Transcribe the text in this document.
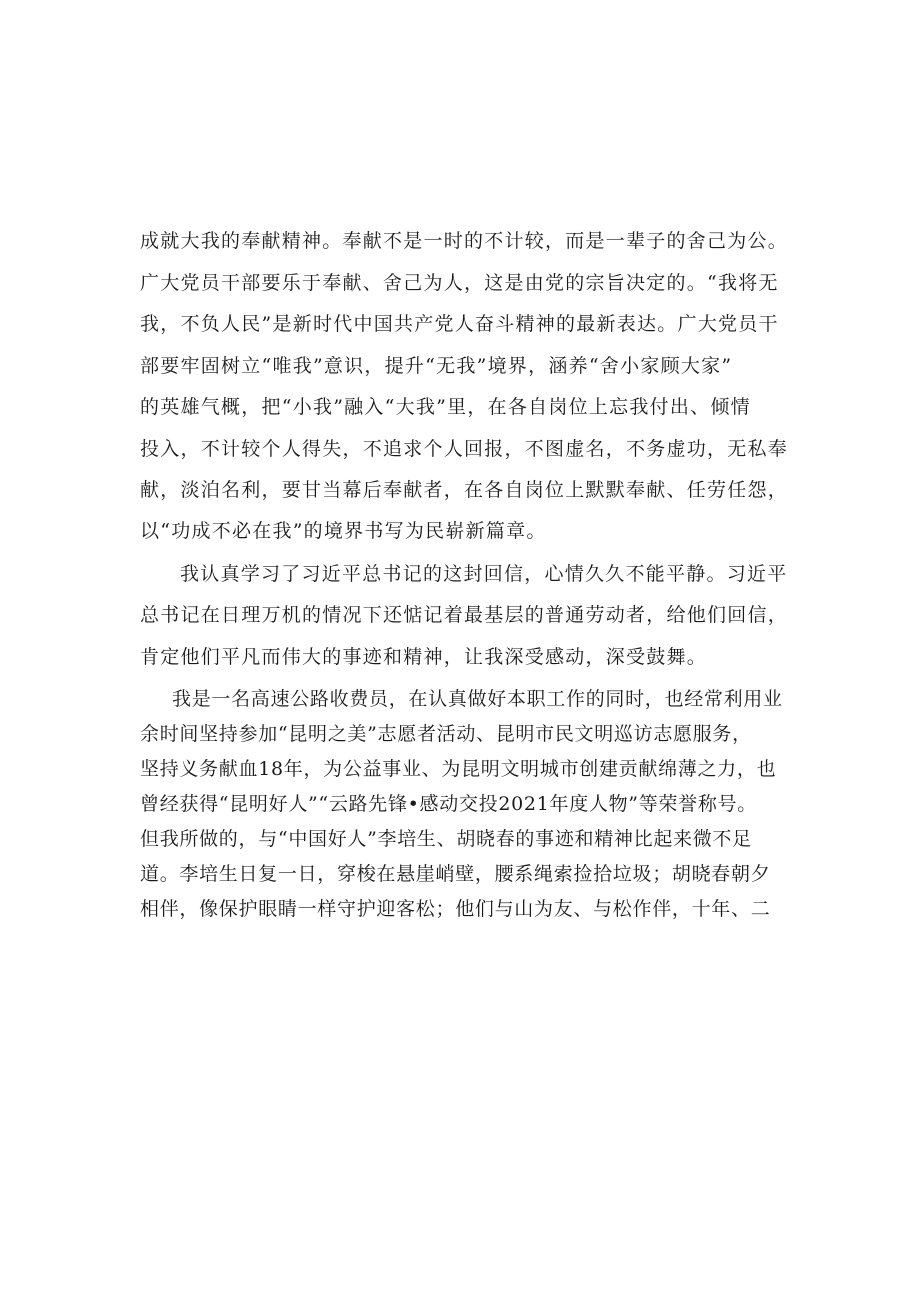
成就大我的奉献精神。奉献不是一时的不计较，而是一辈子的舍己为公。
广大党员干部要乐于奉献、舍己为人，这是由党的宗旨决定的。“我将无
我，不负人民”是新时代中国共产党人奋斗精神的最新表达。广大党员干
部要牢固树立“唯我”意识，提升“无我”境界，涵养“舍小家顾大家”
的英雄气概，把“小我”融入“大我”里，在各自岗位上忘我付出、倾情
投入，不计较个人得失，不追求个人回报，不图虚名，不务虚功，无私奉
献，淡泊名利，要甘当幕后奉献者，在各自岗位上默默奉献、任劳任怨，
以“功成不必在我”的境界书写为民崭新篇章。
我认真学习了习近平总书记的这封回信，心情久久不能平静。习近平
总书记在日理万机的情况下还惦记着最基层的普通劳动者，给他们回信，
肯定他们平凡而伟大的事迹和精神，让我深受感动，深受鼓舞。
我是一名高速公路收费员，在认真做好本职工作的同时，也经常利用业
余时间坚持参加“昆明之美”志愿者活动、昆明市民文明巡访志愿服务，
坚持义务献血18年，为公益事业、为昆明文明城市创建贡献绵薄之力，也
曾经获得“昆明好人”“云路先锋•感动交投2021年度人物”等荣誉称号。
但我所做的，与“中国好人”李培生、胡晓春的事迹和精神比起来微不足
道。李培生日复一日，穿梭在悬崖峭壁，腰系绳索捡拾垃圾；胡晓春朝夕
相伴，像保护眼睛一样守护迎客松；他们与山为友、与松作伴，十年、二
